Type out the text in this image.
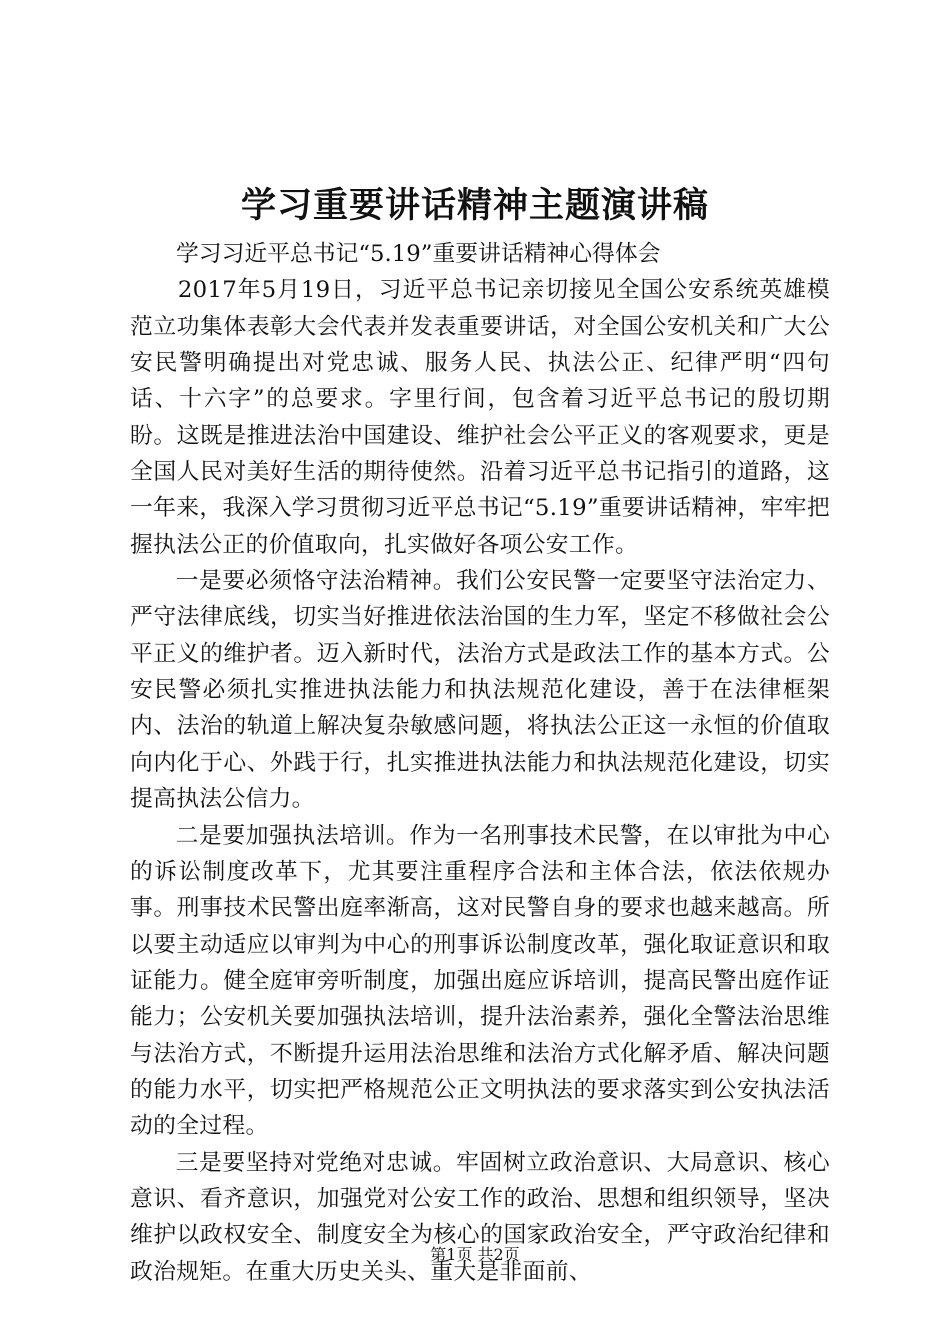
学习重要讲话精神主题演讲稿

学习习近平总书记“5.19”重要讲话精神心得体会

2017年5月19日，习近平总书记亲切接见全国公安系统英雄模范立功集体表彰大会代表并发表重要讲话，对全国公安机关和广大公安民警明确提出对党忠诚、服务人民、执法公正、纪律严明“四句话、十六字”的总要求。字里行间，包含着习近平总书记的殷切期盼。这既是推进法治中国建设、维护社会公平正义的客观要求，更是全国人民对美好生活的期待使然。沿着习近平总书记指引的道路，这一年来，我深入学习贯彻习近平总书记“5.19”重要讲话精神，牢牢把握执法公正的价值取向，扎实做好各项公安工作。

一是要必须恪守法治精神。我们公安民警一定要坚守法治定力、严守法律底线，切实当好推进依法治国的生力军，坚定不移做社会公平正义的维护者。迈入新时代，法治方式是政法工作的基本方式。公安民警必须扎实推进执法能力和执法规范化建设，善于在法律框架内、法治的轨道上解决复杂敏感问题，将执法公正这一永恒的价值取向内化于心、外践于行，扎实推进执法能力和执法规范化建设，切实提高执法公信力。

二是要加强执法培训。作为一名刑事技术民警，在以审批为中心的诉讼制度改革下，尤其要注重程序合法和主体合法，依法依规办事。刑事技术民警出庭率渐高，这对民警自身的要求也越来越高。所以要主动适应以审判为中心的刑事诉讼制度改革，强化取证意识和取证能力。健全庭审旁听制度，加强出庭应诉培训，提高民警出庭作证能力；公安机关要加强执法培训，提升法治素养，强化全警法治思维与法治方式，不断提升运用法治思维和法治方式化解矛盾、解决问题的能力水平，切实把严格规范公正文明执法的要求落实到公安执法活动的全过程。

三是要坚持对党绝对忠诚。牢固树立政治意识、大局意识、核心意识、看齐意识，加强党对公安工作的政治、思想和组织领导，坚决维护以政权安全、制度安全为核心的国家政治安全，严守政治纪律和政治规矩。在重大历史关头、重大是非面前、

第1页 共2页
